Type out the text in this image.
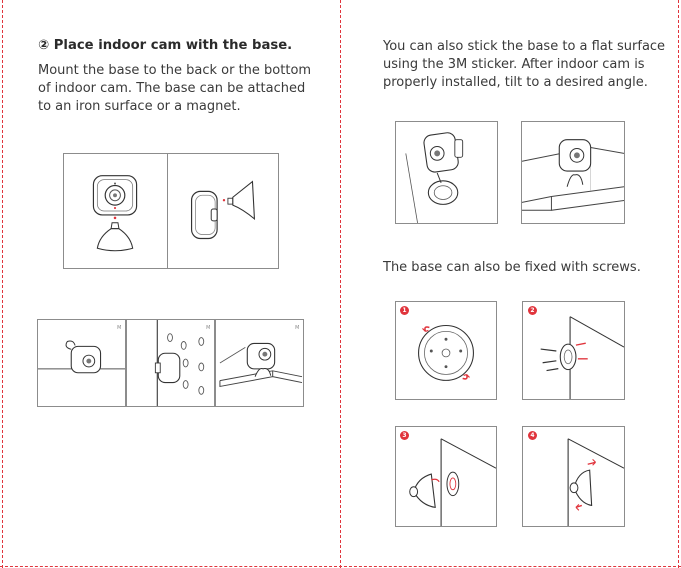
② Place indoor cam with the base.

Mount the base to the back or the bottom
of indoor cam. The base can be attached
to an iron surface or a magnet.

M	M	M

You can also stick the base to a flat surface
using the 3M sticker. After indoor cam is
properly installed, tilt to a desired angle.

The base can also be fixed with screws.

1	2
3	4
